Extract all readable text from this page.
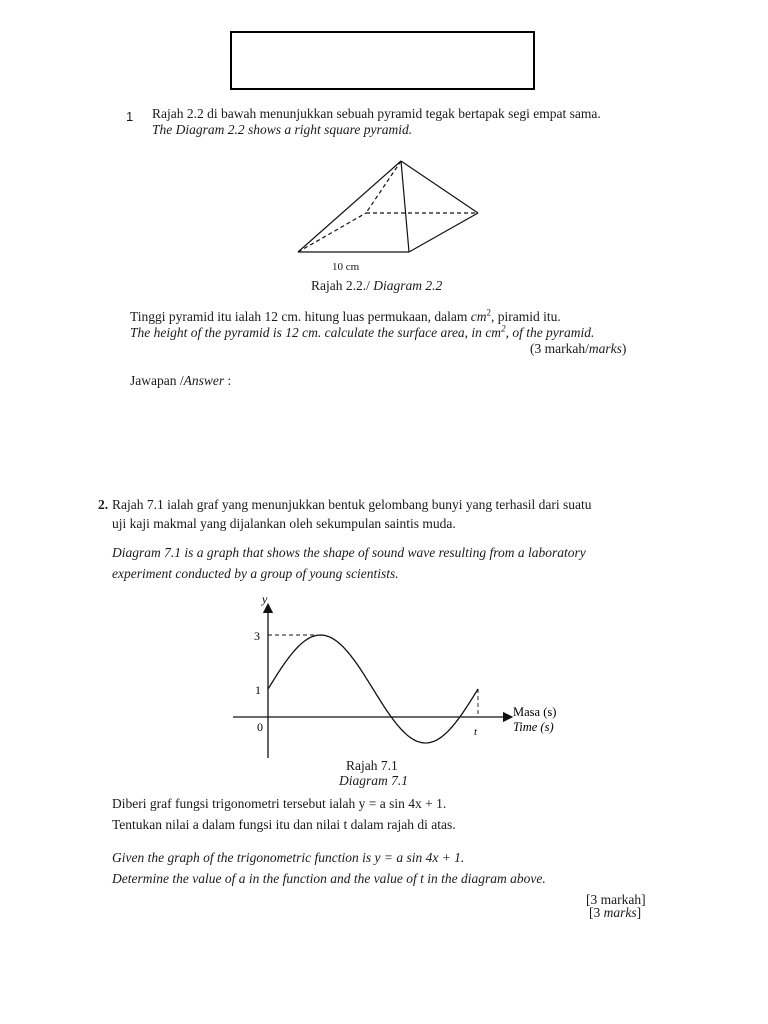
1 Rajah 2.2 di bawah menunjukkan sebuah pyramid tegak bertapak segi empat sama.
The Diagram 2.2 shows a right square pyramid.
10 cm
Rajah 2.2./ Diagram 2.2
Tinggi pyramid itu ialah 12 cm. hitung luas permukaan, dalam $cm^2$, piramid itu.
The height of the pyramid is 12 cm. calculate the surface area, in $cm^2$, of the pyramid.
(3 markah/marks)
Jawapan /Answer :
2. Rajah 7.1 ialah graf yang menunjukkan bentuk gelombang bunyi yang terhasil dari suatu
uji kaji makmal yang dijalankan oleh sekumpulan saintis muda.
Diagram 7.1 is a graph that shows the shape of sound wave resulting from a laboratory
experiment conducted by a group of young scientists.
y
3
1
0	t
Masa (s)
Time (s)
Rajah 7.1
Diagram 7.1
Diberi graf fungsi trigonometri tersebut ialah y = a sin 4x + 1.
Tentukan nilai a dalam fungsi itu dan nilai t dalam rajah di atas.
Given the graph of the trigonometric function is y = a sin 4x + 1.
Determine the value of a in the function and the value of t in the diagram above.
[3 markah]
[3 marks]
